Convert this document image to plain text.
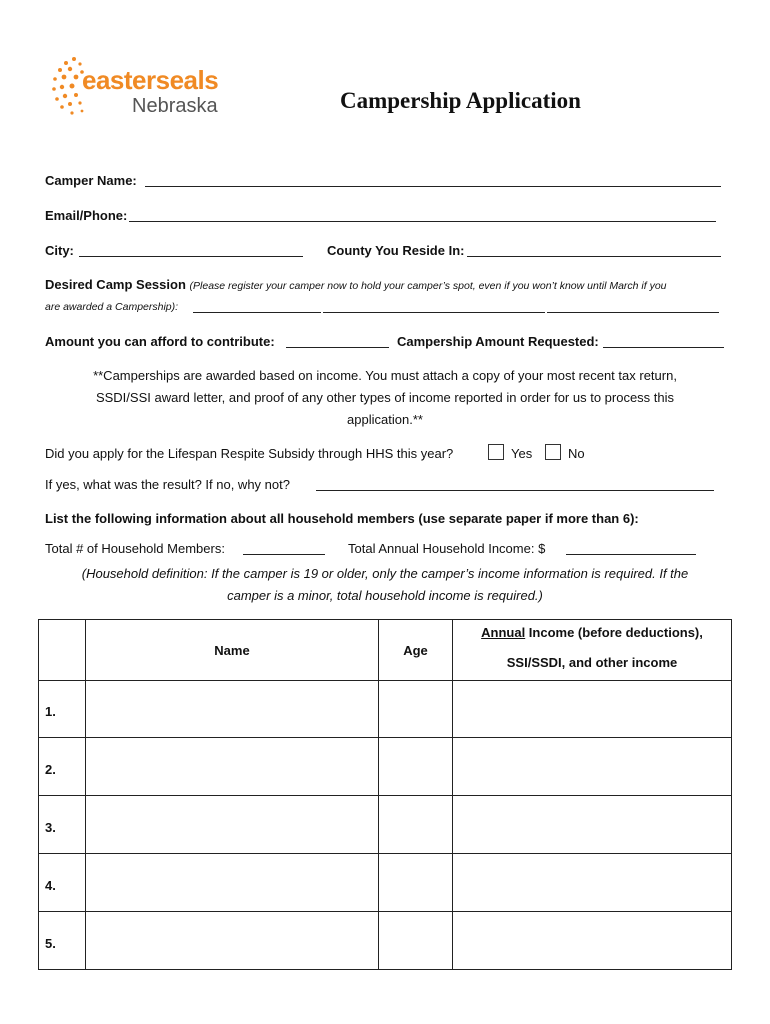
easterseals
Nebraska	Campership Application
Camper Name:
Email/Phone:
City:	County You Reside In:
Desired Camp Session (Please register your camper now to hold your camper’s spot, even if you won’t know until March if you
are awarded a Campership):
Amount you can afford to contribute:	Campership Amount Requested:
**Camperships are awarded based on income. You must attach a copy of your most recent tax return,
SSDI/SSI award letter, and proof of any other types of income reported in order for us to process this
application.**
Did you apply for the Lifespan Respite Subsidy through HHS this year?	Yes	No
If yes, what was the result? If no, why not?
List the following information about all household members (use separate paper if more than 6):
Total # of Household Members:	Total Annual Household Income: $
(Household definition: If the camper is 19 or older, only the camper’s income information is required. If the
camper is a minor, total household income is required.)
	Name	Age	Annual Income (before deductions),

SSI/SSDI, and other income

1.			
2.			
3.			
4.			
5.			
